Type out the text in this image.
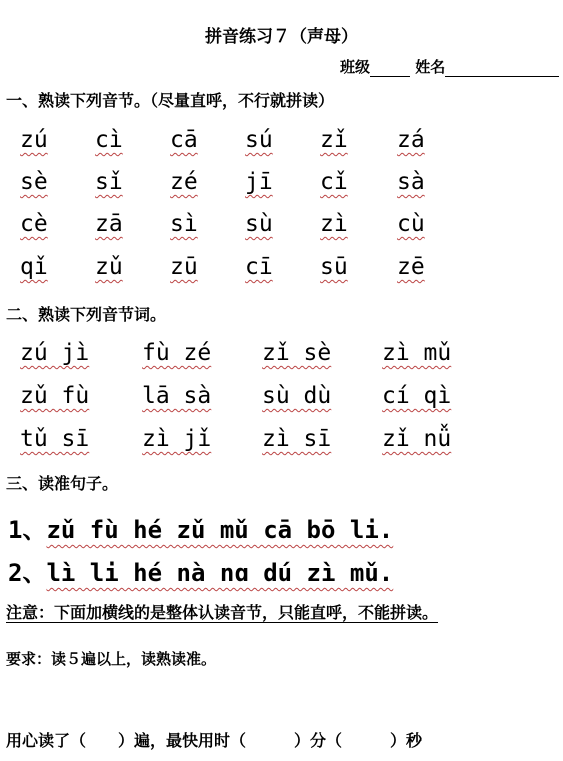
拼音练习７（声母）
班级	姓名
一、熟读下列音节。（尽量直呼，不行就拼读）
zú cì cā sú zǐ zá
sè sǐ zé jī cǐ sà
cè zā sì sù zì cù
qǐ zǔ zū cī sū zē
二、熟读下列音节词。
zú jì fù zé zǐ sè zì mǔ
zǔ fù lā sà sù dù cí qì
tǔ sī zì jǐ zì sī zǐ nǚ
三、读准句子。
1、zǔ fù hé zǔ mǔ cā bō li.
2、lì li hé nà nɑ dú zì mǔ.
注意：下面加横线的是整体认读音节，只能直呼，不能拼读。
要求：读５遍以上，读熟读准。
用心读了（　　）遍，最快用时（　　　）分（　　　）秒
